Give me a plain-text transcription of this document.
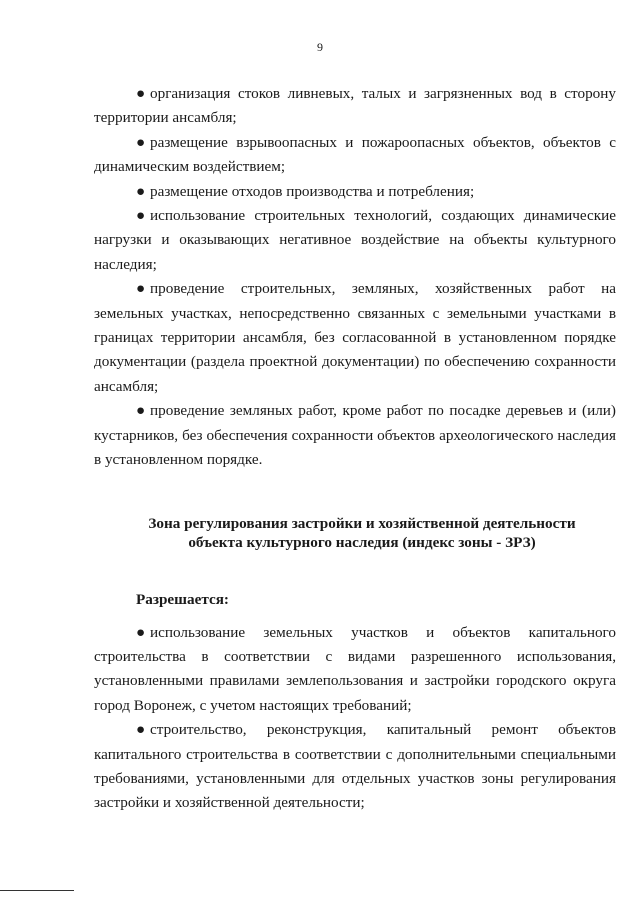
9

● организация стоков ливневых, талых и загрязненных вод в сторону территории ансамбля;

● размещение взрывоопасных и пожароопасных объектов, объектов с динамическим воздействием;

● размещение отходов производства и потребления;

● использование строительных технологий, создающих динамические нагрузки и оказывающих негативное воздействие на объекты культурного наследия;

● проведение строительных, земляных, хозяйственных работ на земельных участках, непосредственно связанных с земельными участками в границах территории ансамбля, без согласованной в установленном порядке документации (раздела проектной документации) по обеспечению сохранности ансамбля;

● проведение земляных работ, кроме работ по посадке деревьев и (или) кустарников, без обеспечения сохранности объектов археологического наследия в установленном порядке.

Зона регулирования застройки и хозяйственной деятельности
объекта культурного наследия (индекс зоны - ЗРЗ)
Разрешается:

● использование земельных участков и объектов капитального строительства в соответствии с видами разрешенного использования, установленными правилами землепользования и застройки городского округа город Воронеж, с учетом настоящих требований;

● строительство, реконструкция, капитальный ремонт объектов капитального строительства в соответствии с дополнительными специальными требованиями, установленными для отдельных участков зоны регулирования застройки и хозяйственной деятельности;
